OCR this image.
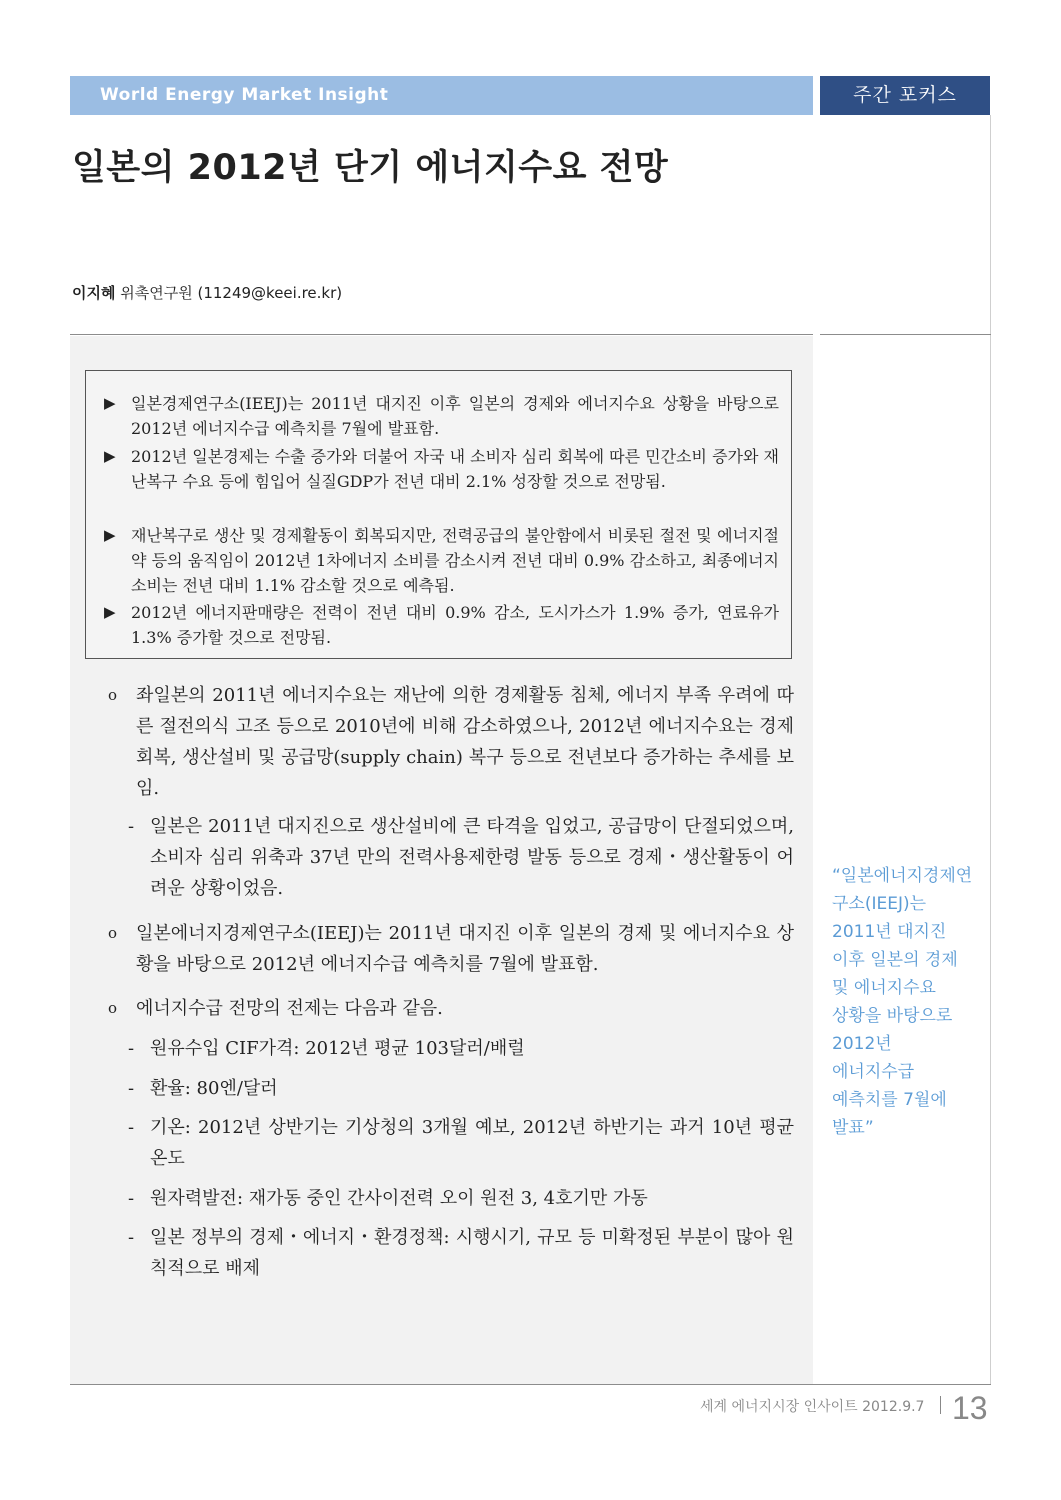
World Energy Market Insight	주간 포커스
일본의 2012년 단기 에너지수요 전망
이지혜 위촉연구원 (11249@keei.re.kr)
▶ 일본경제연구소(IEEJ)는 2011년 대지진 이후 일본의 경제와 에너지수요 상황을 바탕으로 2012년 에너지수급 예측치를 7월에 발표함.
▶ 2012년 일본경제는 수출 증가와 더불어 자국 내 소비자 심리 회복에 따른 민간소비 증가와 재난복구 수요 등에 힘입어 실질GDP가 전년 대비 2.1% 성장할 것으로 전망됨.
▶ 재난복구로 생산 및 경제활동이 회복되지만, 전력공급의 불안함에서 비롯된 절전 및 에너지절약 등의 움직임이 2012년 1차에너지 소비를 감소시켜 전년 대비 0.9% 감소하고, 최종에너지소비는 전년 대비 1.1% 감소할 것으로 예측됨.
▶ 2012년 에너지판매량은 전력이 전년 대비 0.9% 감소, 도시가스가 1.9% 증가, 연료유가 1.3% 증가할 것으로 전망됨.
o	좌일본의 2011년 에너지수요는 재난에 의한 경제활동 침체, 에너지 부족 우려에 따른 절전의식 고조 등으로 2010년에 비해 감소하였으나, 2012년 에너지수요는 경제회복, 생산설비 및 공급망(supply chain) 복구 등으로 전년보다 증가하는 추세를 보임.
- 일본은 2011년 대지진으로 생산설비에 큰 타격을 입었고, 공급망이 단절되었으며, 소비자 심리 위축과 37년 만의 전력사용제한령 발동 등으로 경제・생산활동이 어려운 상황이었음.
o	일본에너지경제연구소(IEEJ)는 2011년 대지진 이후 일본의 경제 및 에너지수요 상황을 바탕으로 2012년 에너지수급 예측치를 7월에 발표함.
o	에너지수급 전망의 전제는 다음과 같음.
- 원유수입 CIF가격: 2012년 평균 103달러/배럴
- 환율: 80엔/달러
- 기온: 2012년 상반기는 기상청의 3개월 예보, 2012년 하반기는 과거 10년 평균온도
- 원자력발전: 재가동 중인 간사이전력 오이 원전 3, 4호기만 가동
- 일본 정부의 경제・에너지・환경정책: 시행시기, 규모 등 미확정된 부분이 많아 원칙적으로 배제
“일본에너지경제연
구소(IEEJ)는
2011년 대지진
이후 일본의 경제
및 에너지수요
상황을 바탕으로
2012년
에너지수급
예측치를 7월에
발표”
세계 에너지시장 인사이트 2012.9.7 13
